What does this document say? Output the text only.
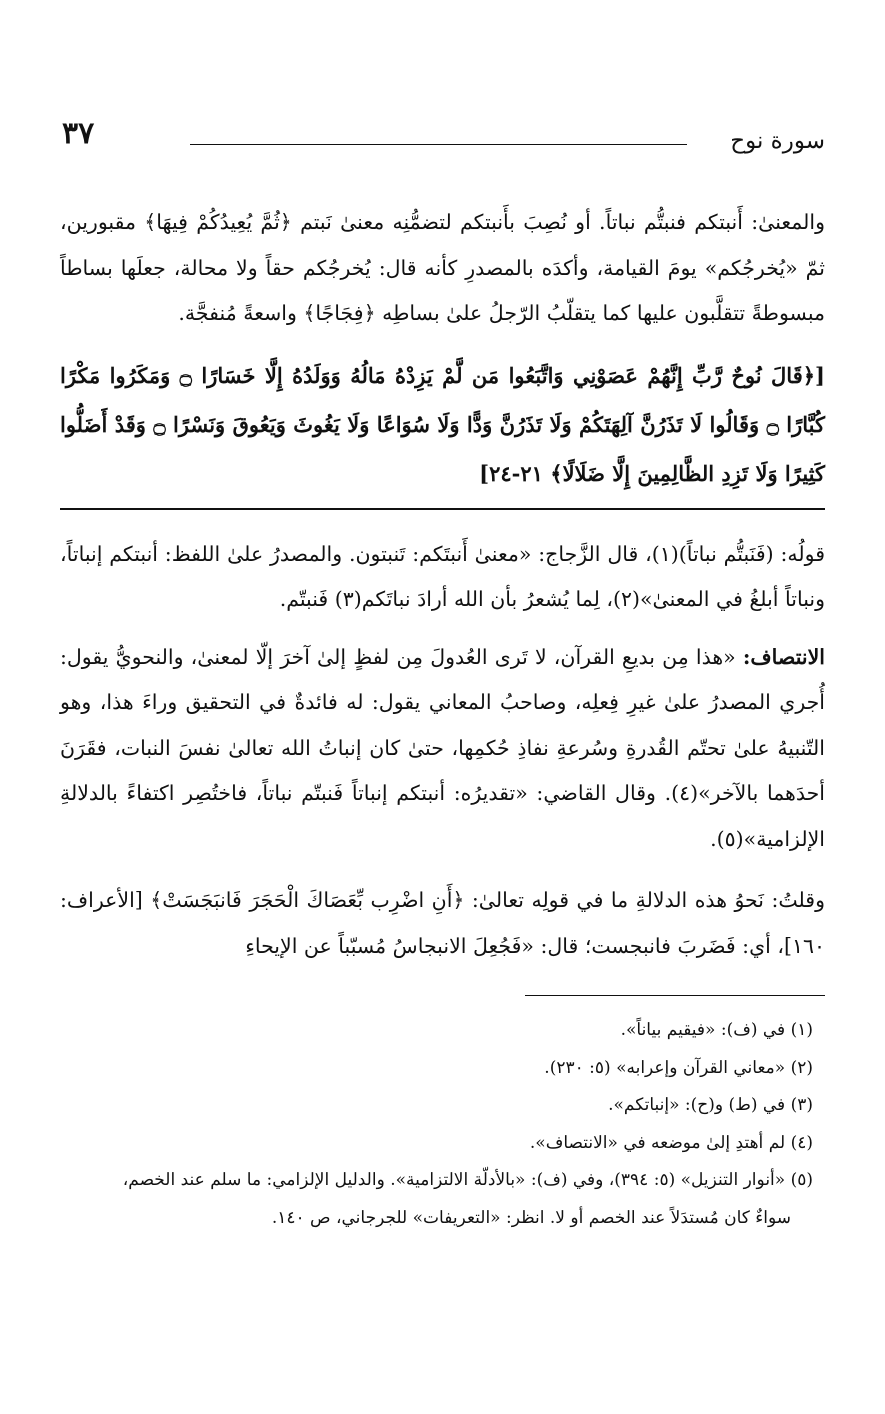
سورة نوح
٣٧

والمعنىٰ: أَنبتكم فنبتُّم نباتاً. أو نُصِبَ بأَنبتكم لتضمُّنِه معنىٰ نَبتم ﴿ثُمَّ يُعِيدُكُمْ فِيهَا﴾ مقبورين، ثمّ «يُخرجُكم» يومَ القيامة، وأكدَه بالمصدرِ كأنه قال: يُخرجُكم حقاً ولا محالة، جعلَها بساطاً مبسوطةً تتقلَّبون عليها كما يتقلّبُ الرّجلُ علىٰ بساطِه ﴿فِجَاجًا﴾ واسعةً مُنفجَّة.

[﴿قَالَ نُوحٌ رَّبِّ إِنَّهُمْ عَصَوْنِي وَاتَّبَعُوا مَن لَّمْ يَزِدْهُ مَالُهُ وَوَلَدُهُ إِلَّا خَسَارًا ۝ وَمَكَرُوا مَكْرًا كُبَّارًا ۝ وَقَالُوا لَا تَذَرُنَّ آلِهَتَكُمْ وَلَا تَذَرُنَّ وَدًّا وَلَا سُوَاعًا وَلَا يَغُوثَ وَيَعُوقَ وَنَسْرًا ۝ وَقَدْ أَضَلُّوا كَثِيرًا وَلَا تَزِدِ الظَّالِمِينَ إِلَّا ضَلَالًا﴾ ٢١-٢٤]

قولُه: (فَنَبتُّم نباتاً)(١)، قال الزَّجاج: «معنىٰ أَنبتَكم: تَنبتون. والمصدرُ علىٰ اللفظ: أنبتكم إنباتاً، ونباتاً أبلغُ في المعنىٰ»(٢)، لِما يُشعرُ بأن الله أرادَ نباتَكم(٣) فَنبتّم.

الانتصاف: «هذا مِن بديعِ القرآن، لا تَرى العُدولَ مِن لفظٍ إلىٰ آخرَ إلّا لمعنىٰ، والنحويُّ يقول: أُجري المصدرُ علىٰ غيرِ فِعلِه، وصاحبُ المعاني يقول: له فائدةٌ في التحقيق وراءَ هذا، وهو التّنبيهُ علىٰ تحتّم القُدرةِ وسُرعةِ نفاذِ حُكمِها، حتىٰ كان إنباتُ الله تعالىٰ نفسَ النبات، فقَرَنَ أحدَهما بالآخر»(٤). وقال القاضي: «تقديرُه: أنبتكم إنباتاً فَنبتّم نباتاً، فاختُصِر اكتفاءً بالدلالةِ الإلزامية»(٥).

وقلتُ: نَحوُ هذه الدلالةِ ما في قولِه تعالىٰ: ﴿أَنِ اضْرِب بِّعَصَاكَ الْحَجَرَ فَانبَجَسَتْ﴾ [الأعراف: ١٦٠]، أي: فَضَربَ فانبجست؛ قال: «فَجُعِلَ الانبجاسُ مُسبّباً عن الإيحاءِ

(١) في (ف): «فيقيم بياناً».

(٢) «معاني القرآن وإعرابه» (٥: ٢٣٠).

(٣) في (ط) و(ح): «إنباتكم».

(٤) لم أهتدِ إلىٰ موضعه في «الانتصاف».

(٥) «أنوار التنزيل» (٥: ٣٩٤)، وفي (ف): «بالأدلّة الالتزامية». والدليل الإلزامي: ما سلم عند الخصم،

سواءٌ كان مُستدَلاً عند الخصم أو لا. انظر: «التعريفات» للجرجاني، ص ١٤٠.
